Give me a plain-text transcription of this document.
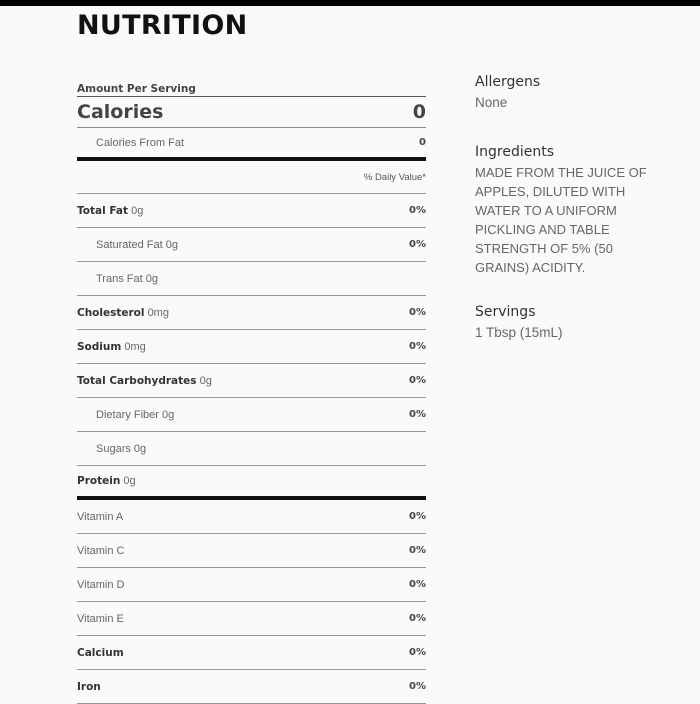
NUTRITION
Amount Per Serving
Calories	0
Calories From Fat	0
% Daily Value*
Total Fat 0g	0%
Saturated Fat 0g	0%
Trans Fat 0g
Cholesterol 0mg	0%
Sodium 0mg	0%
Total Carbohydrates 0g	0%
Dietary Fiber 0g	0%
Sugars 0g
Protein 0g
Vitamin A	0%
Vitamin C	0%
Vitamin D	0%
Vitamin E	0%
Calcium	0%
Iron	0%
Allergens

None

Ingredients

MADE FROM THE JUICE OF
APPLES, DILUTED WITH
WATER TO A UNIFORM
PICKLING AND TABLE
STRENGTH OF 5% (50
GRAINS) ACIDITY.

Servings

1 Tbsp (15mL)
